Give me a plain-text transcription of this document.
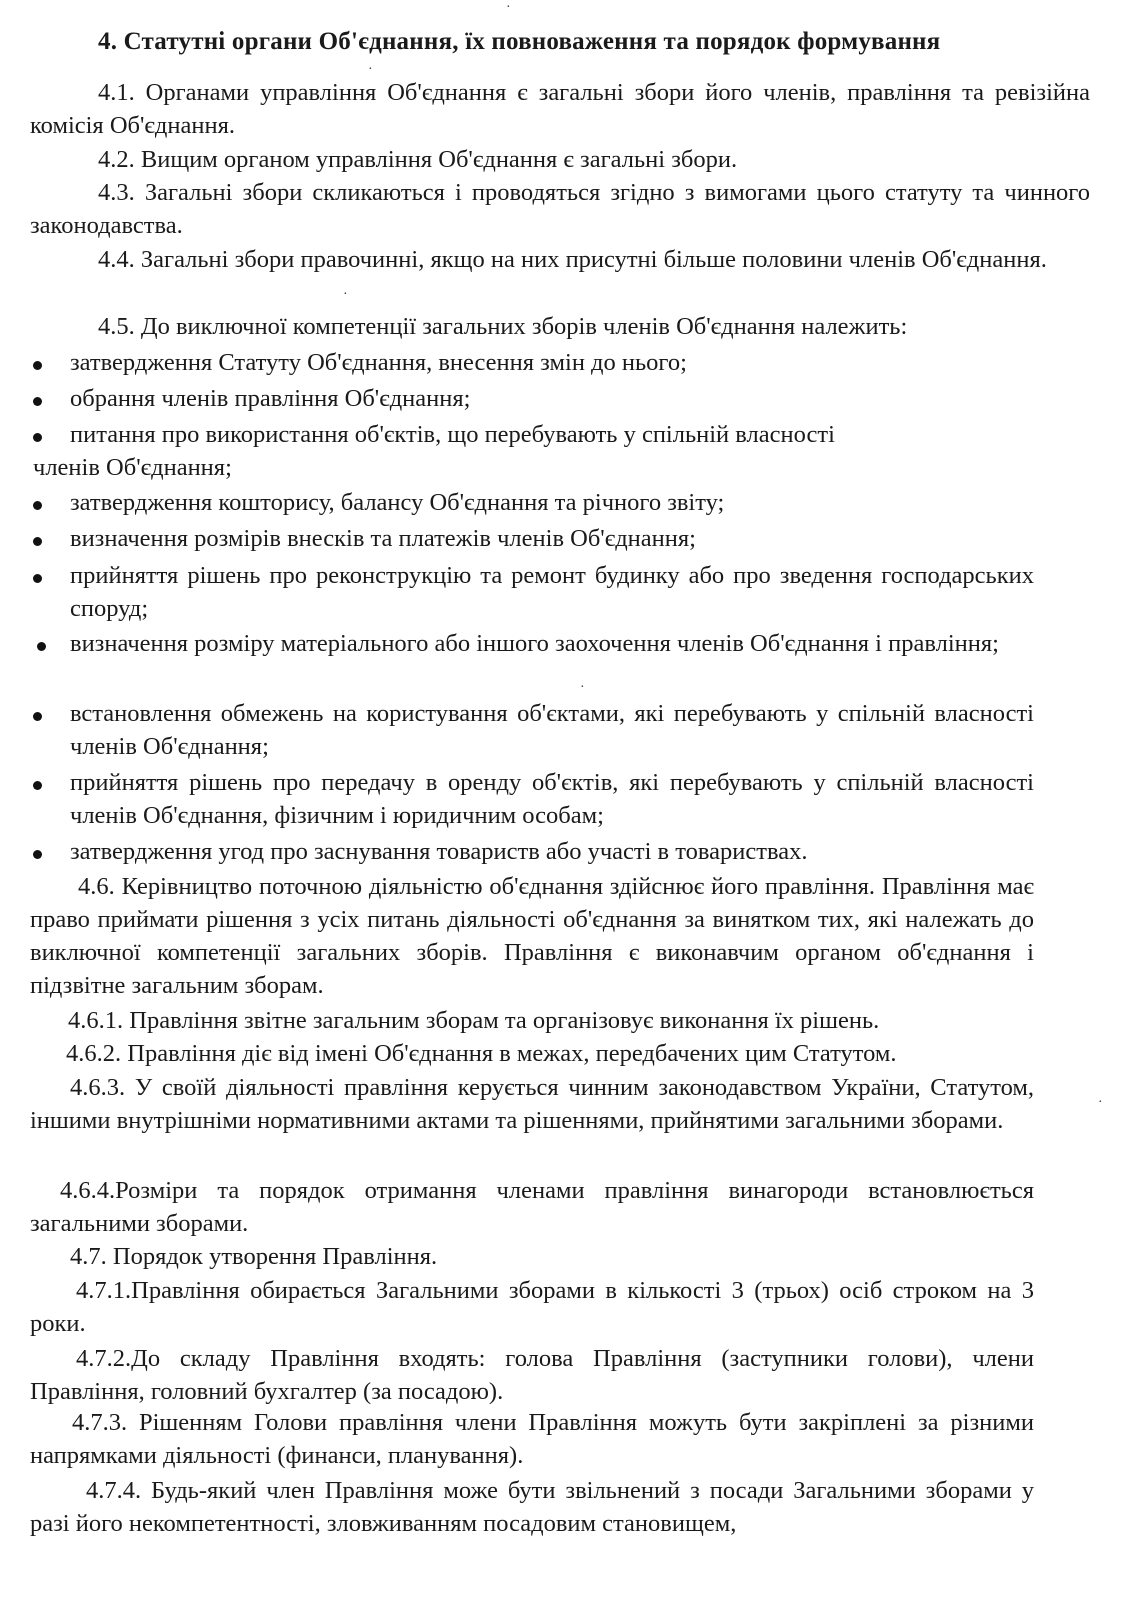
4. Статутні органи Об'єднання, їх повноваження та порядок формування

4.1. Органами управління Об'єднання є загальні збори його членів, правління та ревізійна комісія Об'єднання.

4.2. Вищим органом управління Об'єднання є загальні збори.

4.3. Загальні збори скликаються і проводяться згідно з вимогами цього статуту та чинного законодавства.

4.4. Загальні збори правочинні, якщо на них присутні більше половини членів Об'єднання.

4.5. До виключної компетенції загальних зборів членів Об'єднання належить:

затвердження Статуту Об'єднання, внесення змін до нього;

обрання членів правління Об'єднання;

питання про використання об'єктів, що перебувають у спільній власності

членів Об'єднання;

затвердження кошторису, балансу Об'єднання та річного звіту;

визначення розмірів внесків та платежів членів Об'єднання;

прийняття рішень про реконструкцію та ремонт будинку або про зведення господарських споруд;

визначення розміру матеріального або іншого заохочення членів Об'єднання і правління;

встановлення обмежень на користування об'єктами, які перебувають у спільній власності членів Об'єднання;

прийняття рішень про передачу в оренду об'єктів, які перебувають у спільній власності членів Об'єднання, фізичним і юридичним особам;

затвердження угод про заснування товариств або участі в товариствах.

4.6. Керівництво поточною діяльністю об'єднання здійснює його правління. Правління має право приймати рішення з усіх питань діяльності об'єднання за винятком тих, які належать до виключної компетенції загальних зборів. Правління є виконавчим органом об'єднання і підзвітне загальним зборам.

4.6.1. Правління звітне загальним зборам та організовує виконання їх рішень.

4.6.2. Правління діє від імені Об'єднання в межах, передбачених цим Статутом.

4.6.3. У своїй діяльності правління керується чинним законодавством України, Статутом, іншими внутрішніми нормативними актами та рішеннями, прийнятими загальними зборами.

4.6.4.Розміри та порядок отримання членами правління винагороди встановлюється загальними зборами.

4.7. Порядок утворення Правління.

4.7.1.Правління обирається Загальними зборами в кількості 3 (трьох) осіб строком на 3 роки.

4.7.2.До складу Правління входять: голова Правління (заступники голови), члени Правління, головний бухгалтер (за посадою).

4.7.3. Рішенням Голови правління члени Правління можуть бути закріплені за різними напрямками діяльності (финанси, планування).

4.7.4. Будь-який член Правління може бути звільнений з посади Загальними зборами у разі його некомпетентності, зловживанням посадовим становищем,

·
·
·
·
·
